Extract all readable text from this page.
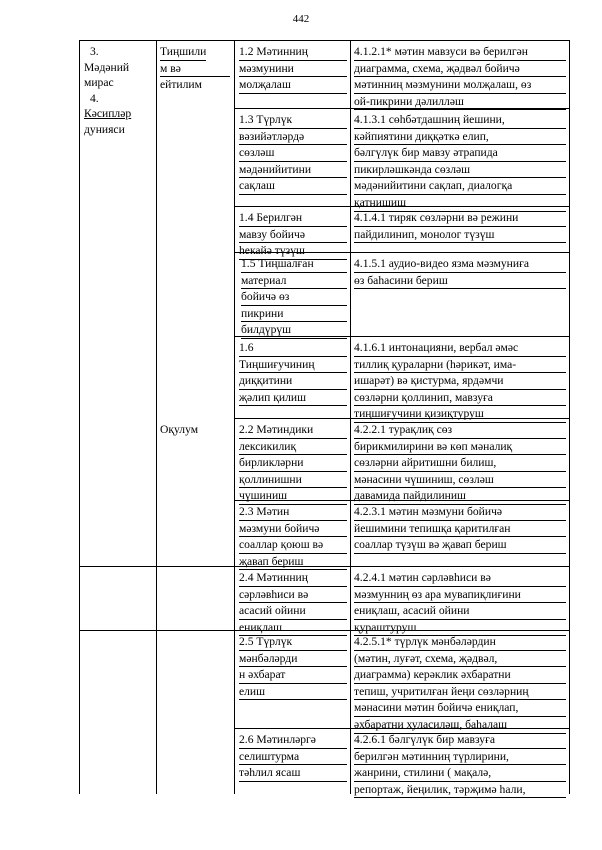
442
3.
Мәдәний
мирас
4.
Кәсипләр
дунияси
Тиңшили
м вә
ейтилим
Оқулум
1.2 Мәтинниң
мәзмунини
молҗалаш
1.3 Түрлүк
вәзийәтләрдә
сөзләш
мәдәнийитини
сақлаш
1.4 Берилгән
мавзу бойичә
һекайә түзүш
1.5 Тиңшалған
материал
бойичә өз
пикрини
билдүрүш
1.6
Тиңшиғучиниң
диққитини
җәлип қилиш
2.2 Мәтиндики
лексикилиқ
бирликләрни
қоллинишни
чүшиниш
2.3 Мәтин
мәзмуни бойичә
соаллар қоюш вә
җавап бериш
2.4 Мәтинниң
сәрләвһиси вә
асасий ойини
ениқлаш
2.5 Түрлүк
мәнбәләрди
н әхбарат
елиш
2.6 Мәтинләргә
селиштурма
тәһлил ясаш
4.1.2.1* мәтин мавзуси вә берилгән
диаграмма, схема, җәдвәл бойичә
мәтинниң мәзмунини молҗалаш, өз
ой-пикрини дәлилләш
4.1.3.1 сөһбәтдашниң йешини,
кәйпиятини диққәткә елип,
бәлгүлүк бир мавзу әтрапида
пикирләшкәнда сөзләш
мәдәнийитини сақлап, диалогқа
қатнишиш
4.1.4.1 тиряк сөзләрни вә режини
пайдилинип, монолог түзүш
4.1.5.1 аудио-видео язма мәзмуниға
өз баһасини бериш
4.1.6.1 интонацияни, вербал әмәс
тиллиқ қураларни (һәрикәт, има-
ишарәт) вә қистурма, ярдәмчи
сөзләрни қоллинип, мавзуға
тиңшиғучини қизиқтуруш
4.2.2.1 турақлиқ сөз
бирикмилирини вә көп мәналиқ
сөзләрни айритишни билиш,
мәнасини чүшиниш, сөзләш
давамида пайдилиниш
4.2.3.1 мәтин мәзмуни бойичә
йешимини тепишқа қаритилған
соаллар түзүш вә җавап бериш
4.2.4.1 мәтин сәрләвһиси вә
мәзмунниң өз ара мувапиқлиғини
ениқлаш, асасий ойини
қураштуруш
4.2.5.1* түрлүк мәнбәләрдин
(мәтин, луғәт, схема, җәдвәл,
диаграмма) керәклик әхбаратни
тепиш, учритилған йеңи сөзләрниң
мәнасини мәтин бойичә ениқлап,
әхбаратни хуласиләш, баһалаш
4.2.6.1 бәлгүлүк бир мавзуға
берилгән мәтинниң түрлирини,
жанрини, стилини ( мақалә,
репортаж, йеңилик, тәрҗимә һали,
